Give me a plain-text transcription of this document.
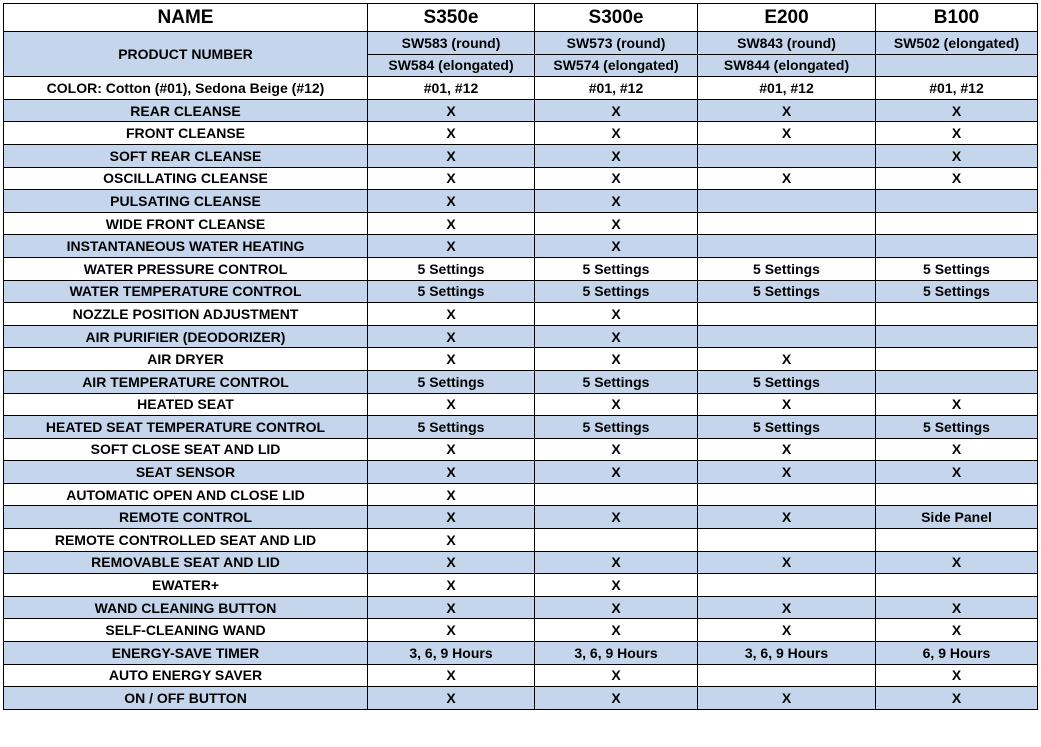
NAME	S350e	S300e	E200	B100
PRODUCT NUMBER	SW583 (round)	SW573 (round)	SW843 (round)	SW502 (elongated)
	SW584 (elongated)	SW574 (elongated)	SW844 (elongated)	
COLOR: Cotton (#01), Sedona Beige (#12)	#01, #12	#01, #12	#01, #12	#01, #12
REAR CLEANSE	X	X	X	X
FRONT CLEANSE	X	X	X	X
SOFT REAR CLEANSE	X	X		X
OSCILLATING CLEANSE	X	X	X	X
PULSATING CLEANSE	X	X		
WIDE FRONT CLEANSE	X	X		
INSTANTANEOUS WATER HEATING	X	X		
WATER PRESSURE CONTROL	5 Settings	5 Settings	5 Settings	5 Settings
WATER TEMPERATURE CONTROL	5 Settings	5 Settings	5 Settings	5 Settings
NOZZLE POSITION ADJUSTMENT	X	X		
AIR PURIFIER (DEODORIZER)	X	X		
AIR DRYER	X	X	X	
AIR TEMPERATURE CONTROL	5 Settings	5 Settings	5 Settings	
HEATED SEAT	X	X	X	X
HEATED SEAT TEMPERATURE CONTROL	5 Settings	5 Settings	5 Settings	5 Settings
SOFT CLOSE SEAT AND LID	X	X	X	X
SEAT SENSOR	X	X	X	X
AUTOMATIC OPEN AND CLOSE LID	X			
REMOTE CONTROL	X	X	X	Side Panel
REMOTE CONTROLLED SEAT AND LID	X			
REMOVABLE SEAT AND LID	X	X	X	X
EWATER+	X	X		
WAND CLEANING BUTTON	X	X	X	X
SELF-CLEANING WAND	X	X	X	X
ENERGY-SAVE TIMER	3, 6, 9 Hours	3, 6, 9 Hours	3, 6, 9 Hours	6, 9 Hours
AUTO ENERGY SAVER	X	X		X
ON / OFF BUTTON	X	X	X	X
